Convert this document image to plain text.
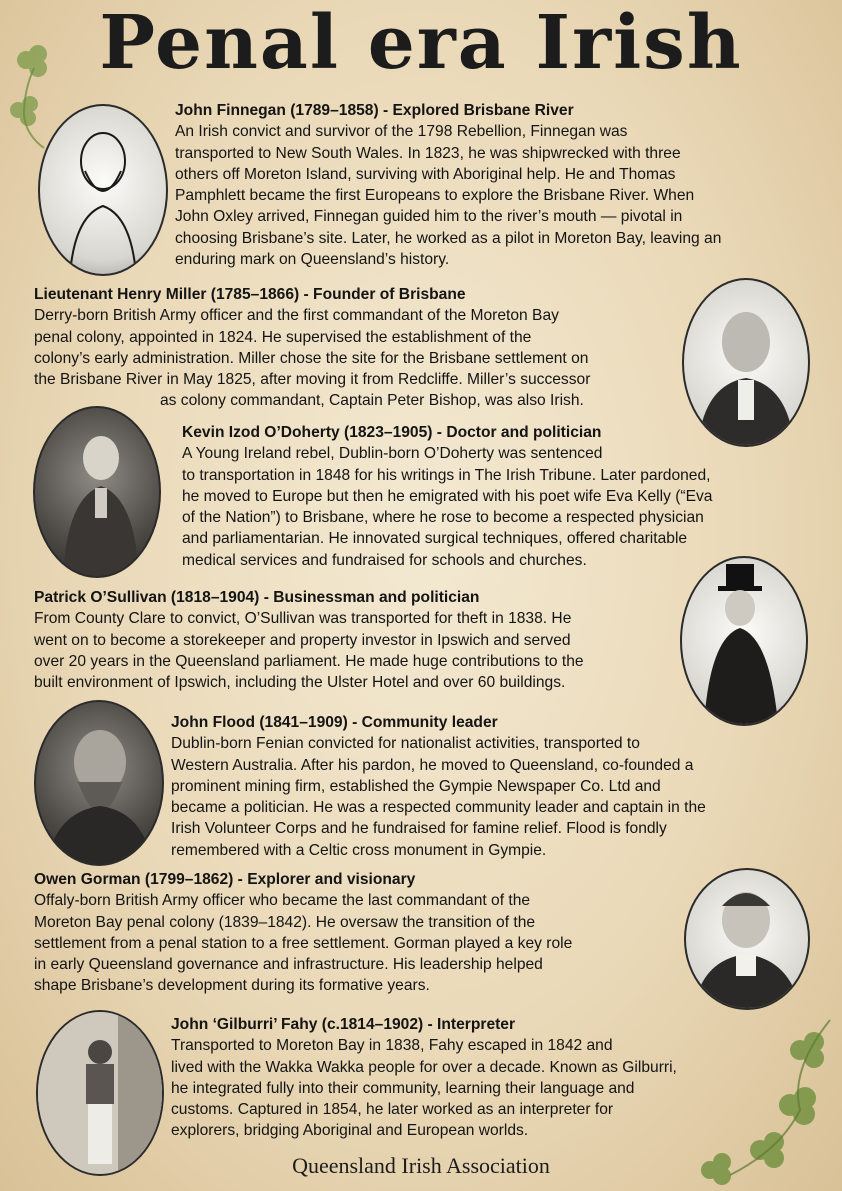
Penal era Irish

John Finnegan (1789–1858) - Explored Brisbane River

An Irish convict and survivor of the 1798 Rebellion, Finnegan was

transported to New South Wales. In 1823, he was shipwrecked with three

others off Moreton Island, surviving with Aboriginal help. He and Thomas

Pamphlett became the first Europeans to explore the Brisbane River. When

John Oxley arrived, Finnegan guided him to the river’s mouth — pivotal in

choosing Brisbane’s site. Later, he worked as a pilot in Moreton Bay, leaving an

enduring mark on Queensland’s history.

Lieutenant Henry Miller (1785–1866) - Founder of Brisbane

Derry-born British Army officer and the first commandant of the Moreton Bay

penal colony, appointed in 1824. He supervised the establishment of the

colony’s early administration. Miller chose the site for the Brisbane settlement on

the Brisbane River in May 1825, after moving it from Redcliffe. Miller’s successor

as colony commandant, Captain Peter Bishop, was also Irish.

Kevin Izod O’Doherty (1823–1905) - Doctor and politician

A Young Ireland rebel, Dublin-born O’Doherty was sentenced

to transportation in 1848 for his writings in The Irish Tribune. Later pardoned,

he moved to Europe but then he emigrated with his poet wife Eva Kelly (“Eva

of the Nation”) to Brisbane, where he rose to become a respected physician

and parliamentarian. He innovated surgical techniques, offered charitable

medical services and fundraised for schools and churches.

Patrick O’Sullivan (1818–1904) - Businessman and politician

From County Clare to convict, O’Sullivan was transported for theft in 1838. He

went on to become a storekeeper and property investor in Ipswich and served

over 20 years in the Queensland parliament. He made huge contributions to the

built environment of Ipswich, including the Ulster Hotel and over 60 buildings.

John Flood (1841–1909) - Community leader

Dublin-born Fenian convicted for nationalist activities, transported to

Western Australia. After his pardon, he moved to Queensland, co-founded a

prominent mining firm, established the Gympie Newspaper Co. Ltd and

became a politician. He was a respected community leader and captain in the

Irish Volunteer Corps and he fundraised for famine relief. Flood is fondly

remembered with a Celtic cross monument in Gympie.

Owen Gorman (1799–1862) - Explorer and visionary

Offaly-born British Army officer who became the last commandant of the

Moreton Bay penal colony (1839–1842). He oversaw the transition of the

settlement from a penal station to a free settlement. Gorman played a key role

in early Queensland governance and infrastructure. His leadership helped

shape Brisbane’s development during its formative years.

John ‘Gilburri’ Fahy (c.1814–1902) - Interpreter

Transported to Moreton Bay in 1838, Fahy escaped in 1842 and

lived with the Wakka Wakka people for over a decade. Known as Gilburri,

he integrated fully into their community, learning their language and

customs. Captured in 1854, he later worked as an interpreter for

explorers, bridging Aboriginal and European worlds.

Queensland Irish Association
